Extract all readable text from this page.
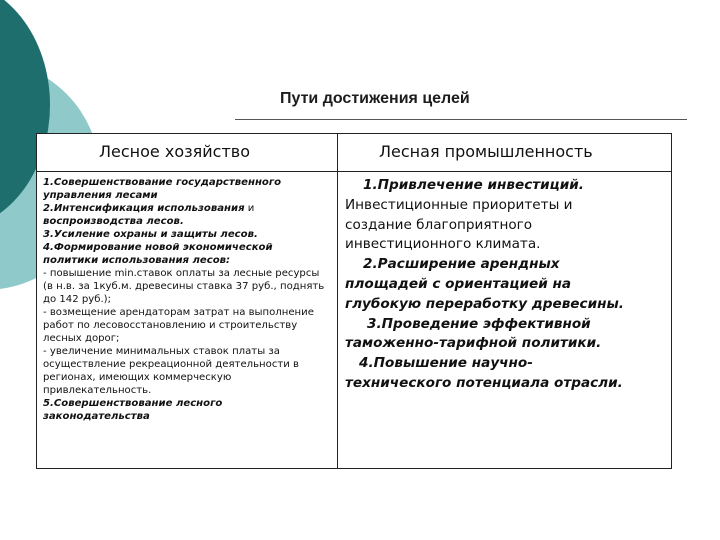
Пути достижения целей
Лесное хозяйство	Лесная промышленность
1.Совершенствование государственного управления лесами
2.Интенсификация использования и воспроизводства лесов.
3.Усиление охраны и защиты лесов.
4.Формирование новой экономической политики использования лесов:
- повышение min.ставок оплаты за лесные ресурсы (в н.в. за 1куб.м. древесины ставка 37 руб., поднять до 142 руб.);
- возмещение арендаторам затрат на выполнение работ по лесовосстановлению и строительству лесных дорог;
- увеличение минимальных ставок платы за осуществление рекреационной деятельности в регионах, имеющих коммерческую привлекательность.
5.Совершенствование лесного законодательства
1.Привлечение инвестиций.
Инвестиционные приоритеты и
создание благоприятного
инвестиционного климата.
2.Расширение арендных
площадей с ориентацией на
глубокую переработку древесины.
3.Проведение эффективной
таможенно-тарифной политики.
4.Повышение научно-
технического потенциала отрасли.
